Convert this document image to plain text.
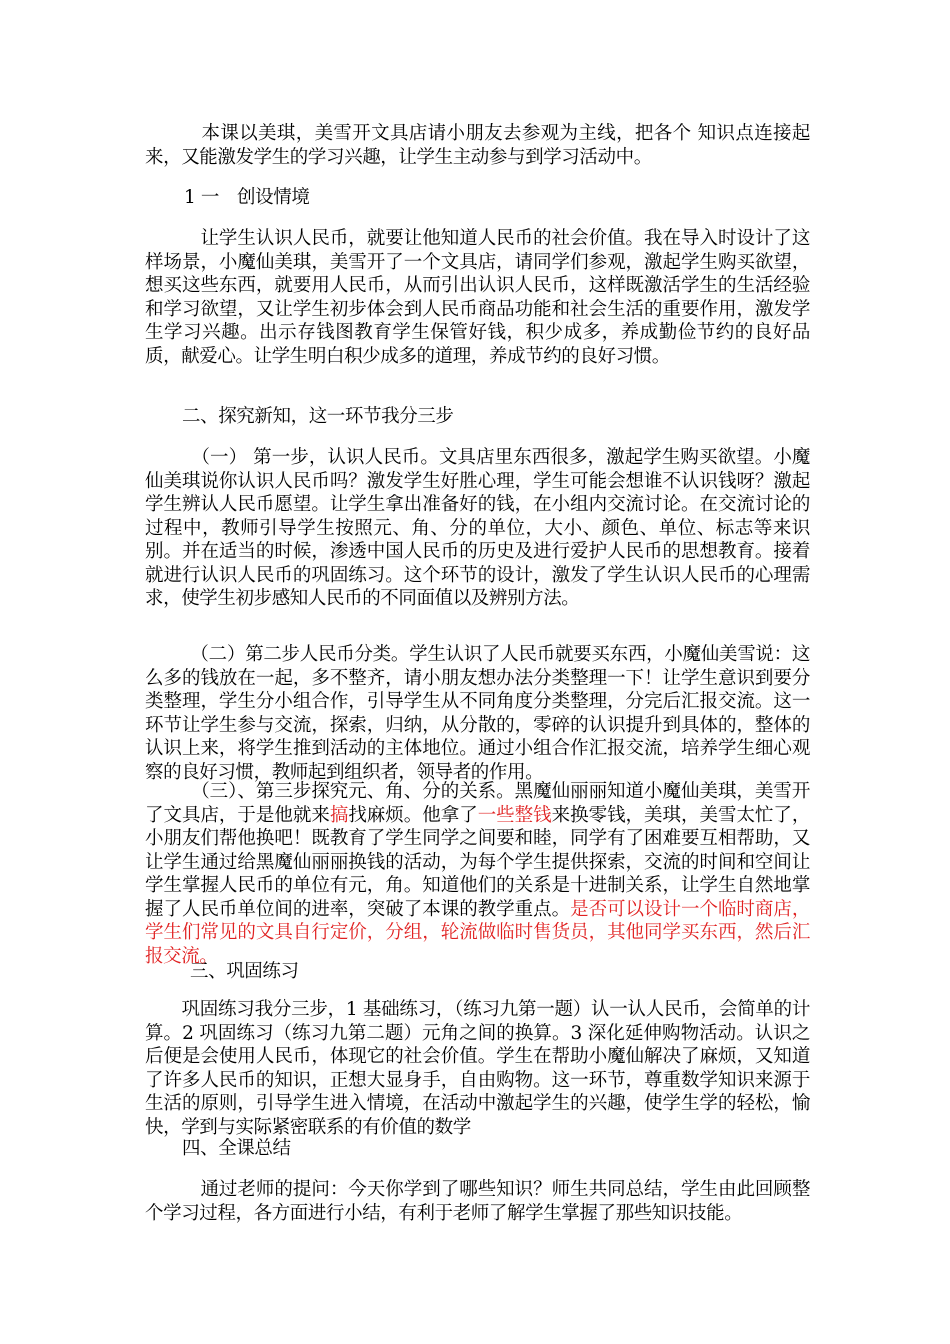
　　　本课以美琪，美雪开文具店请小朋友去参观为主线，把各个 知识点连接起来，又能激发学生的学习兴趣，让学生主动参与到学习活动中。

1 一　创设情境

　　　让学生认识人民币，就要让他知道人民币的社会价值。我在导入时设计了这样场景，小魔仙美琪，美雪开了一个文具店，请同学们参观，激起学生购买欲望，想买这些东西，就要用人民币，从而引出认识人民币，这样既激活学生的生活经验和学习欲望，又让学生初步体会到人民币商品功能和社会生活的重要作用，激发学生学习兴趣。出示存钱图教育学生保管好钱，积少成多，养成勤俭节约的良好品质，献爱心。让学生明白积少成多的道理，养成节约的良好习惯。

二、探究新知，这一环节我分三步

　　　（一） 第一步，认识人民币。文具店里东西很多，激起学生购买欲望。小魔仙美琪说你认识人民币吗？激发学生好胜心理，学生可能会想谁不认识钱呀？激起学生辨认人民币愿望。让学生拿出准备好的钱，在小组内交流讨论。在交流讨论的过程中，教师引导学生按照元、角、分的单位，大小、颜色、单位、标志等来识别。并在适当的时候，渗透中国人民币的历史及进行爱护人民币的思想教育。接着就进行认识人民币的巩固练习。这个环节的设计，激发了学生认识人民币的心理需求，使学生初步感知人民币的不同面值以及辨别方法。

　　　（二）第二步人民币分类。学生认识了人民币就要买东西，小魔仙美雪说：这么多的钱放在一起，多不整齐，请小朋友想办法分类整理一下！让学生意识到要分类整理，学生分小组合作，引导学生从不同角度分类整理，分完后汇报交流。这一环节让学生参与交流，探索，归纳，从分散的，零碎的认识提升到具体的，整体的认识上来，将学生推到活动的主体地位。通过小组合作汇报交流，培养学生细心观察的良好习惯，教师起到组织者，领导者的作用。

　　　（三）、第三步探究元、角、分的关系。黑魔仙丽丽知道小魔仙美琪，美雪开了文具店，于是他就来搞找麻烦。他拿了一些整钱来换零钱，美琪，美雪太忙了，小朋友们帮他换吧！既教育了学生同学之间要和睦，同学有了困难要互相帮助，又让学生通过给黑魔仙丽丽换钱的活动，为每个学生提供探索，交流的时间和空间让学生掌握人民币的单位有元，角。知道他们的关系是十进制关系，让学生自然地掌握了人民币单位间的进率，突破了本课的教学重点。是否可以设计一个临时商店，学生们常见的文具自行定价，分组，轮流做临时售货员，其他同学买东西，然后汇报交流。

三、巩固练习

　　巩固练习我分三步，1 基础练习，（练习九第一题）认一认人民币，会简单的计算。2 巩固练习（练习九第二题）元角之间的换算。3 深化延伸购物活动。认识之后便是会使用人民币，体现它的社会价值。学生在帮助小魔仙解决了麻烦，又知道了许多人民币的知识，正想大显身手，自由购物。这一环节，尊重数学知识来源于生活的原则，引导学生进入情境，在活动中激起学生的兴趣，使学生学的轻松，愉快，学到与实际紧密联系的有价值的数学

四、全课总结

　　　通过老师的提问：今天你学到了哪些知识？师生共同总结，学生由此回顾整个学习过程，各方面进行小结，有利于老师了解学生掌握了那些知识技能。
